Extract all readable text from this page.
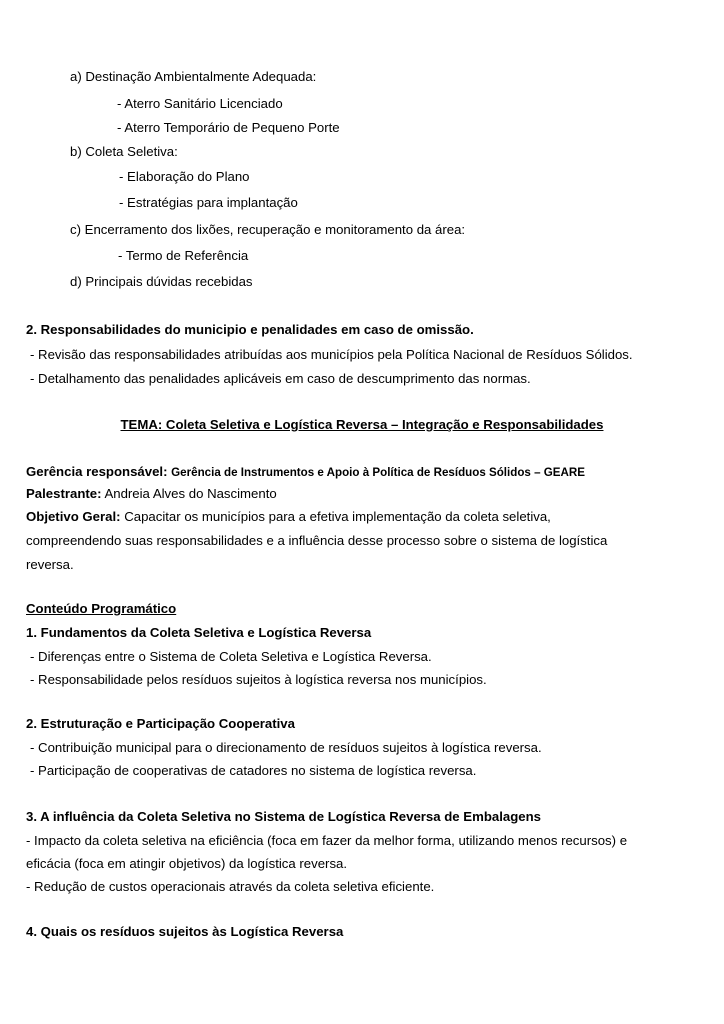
a) Destinação Ambientalmente Adequada:
- Aterro Sanitário Licenciado
- Aterro Temporário de Pequeno Porte
b) Coleta Seletiva:
- Elaboração do Plano
- Estratégias para implantação
c) Encerramento dos lixões, recuperação e monitoramento da área:
- Termo de Referência
d) Principais dúvidas recebidas
2. Responsabilidades do municipio e penalidades em caso de omissão.
- Revisão das responsabilidades atribuídas aos municípios pela Política Nacional de Resíduos Sólidos.
- Detalhamento das penalidades aplicáveis em caso de descumprimento das normas.
TEMA: Coleta Seletiva e Logística Reversa – Integração e Responsabilidades
Gerência responsável: Gerência de Instrumentos e Apoio à Política de Resíduos Sólidos – GEARE
Palestrante: Andreia Alves do Nascimento
Objetivo Geral: Capacitar os municípios para a efetiva implementação da coleta seletiva,
compreendendo suas responsabilidades e a influência desse processo sobre o sistema de logística
reversa.
Conteúdo Programático
1. Fundamentos da Coleta Seletiva e Logística Reversa
- Diferenças entre o Sistema de Coleta Seletiva e Logística Reversa.
- Responsabilidade pelos resíduos sujeitos à logística reversa nos municípios.
2. Estruturação e Participação Cooperativa
- Contribuição municipal para o direcionamento de resíduos sujeitos à logística reversa.
- Participação de cooperativas de catadores no sistema de logística reversa.
3. A influência da Coleta Seletiva no Sistema de Logística Reversa de Embalagens
- Impacto da coleta seletiva na eficiência (foca em fazer da melhor forma, utilizando menos recursos) e
eficácia (foca em atingir objetivos) da logística reversa.
- Redução de custos operacionais através da coleta seletiva eficiente.
4. Quais os resíduos sujeitos às Logística Reversa
